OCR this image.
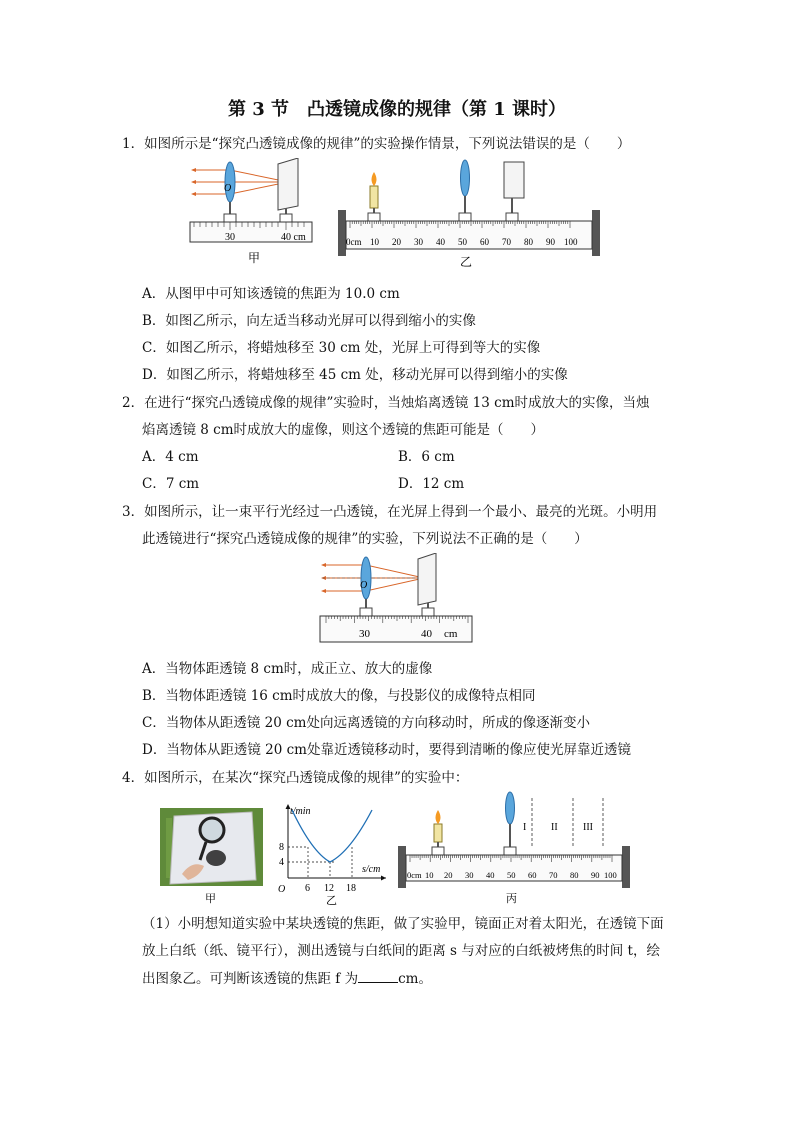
第 3 节　凸透镜成像的规律（第 1 课时）
1．如图所示是“探究凸透镜成像的规律”的实验操作情景，下列说法错误的是（　　）
O
30	40 cm
甲
0cm 10 20 30 40 50 60 70 80 90 100
乙
A．从图甲中可知该透镜的焦距为 10.0 cm
B．如图乙所示，向左适当移动光屏可以得到缩小的实像
C．如图乙所示，将蜡烛移至 30 cm 处，光屏上可得到等大的实像
D．如图乙所示，将蜡烛移至 45 cm 处，移动光屏可以得到缩小的实像
2．在进行“探究凸透镜成像的规律”实验时，当烛焰离透镜 13 cm时成放大的实像，当烛
焰离透镜 8 cm时成放大的虚像，则这个透镜的焦距可能是（　　）
A．4 cm	B．6 cm
C．7 cm	D．12 cm
3．如图所示，让一束平行光经过一凸透镜，在光屏上得到一个最小、最亮的光斑。小明用
此透镜进行“探究凸透镜成像的规律”的实验，下列说法不正确的是（　　）
O
30	40 cm
A．当物体距透镜 8 cm时，成正立、放大的虚像
B．当物体距透镜 16 cm时成放大的像，与投影仪的成像特点相同
C．当物体从距透镜 20 cm处向远离透镜的方向移动时，所成的像逐渐变小
D．当物体从距透镜 20 cm处靠近透镜移动时，要得到清晰的像应使光屏靠近透镜
4．如图所示，在某次“探究凸透镜成像的规律”的实验中：
甲
t/min
s/cm
O
8
4
6 12 18
乙
I II	III
0cm 10 20 30 40 50 60 70 80 90 100
丙
（1）小明想知道实验中某块透镜的焦距，做了实验甲，镜面正对着太阳光，在透镜下面
放上白纸（纸、镜平行），测出透镜与白纸间的距离 s 与对应的白纸被烤焦的时间 t，绘
出图象乙。可判断该透镜的焦距 f 为	cm。
